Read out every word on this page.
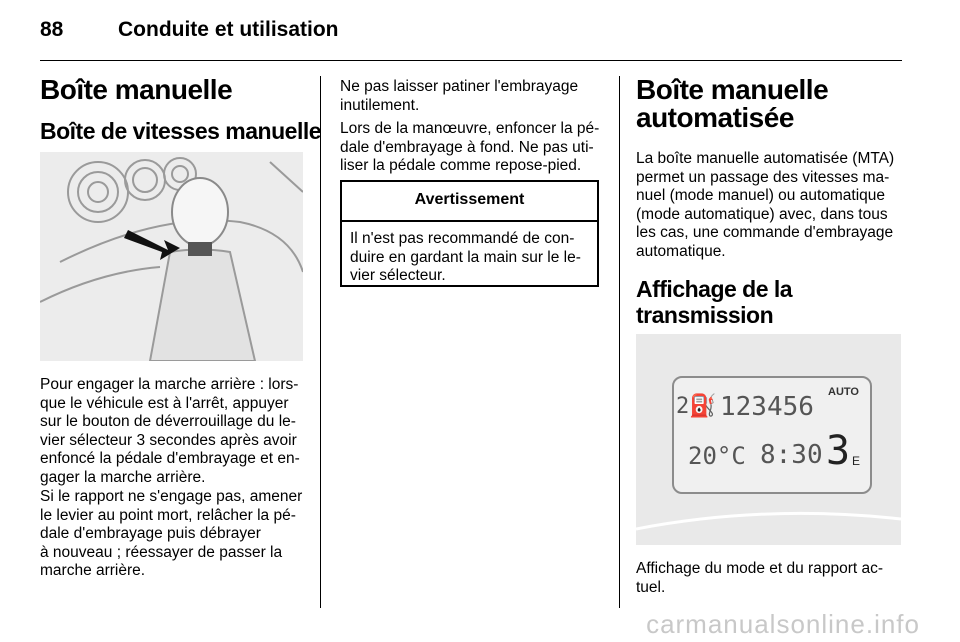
88	Conduite et utilisation
Boîte manuelle
Boîte de vitesses manuelle
Pour engager la marche arrière : lors-
que le véhicule est à l'arrêt, appuyer
sur le bouton de déverrouillage du le-
vier sélecteur 3 secondes après avoir
enfoncé la pédale d'embrayage et en-
gager la marche arrière.
Si le rapport ne s'engage pas, amener
le levier au point mort, relâcher la pé-
dale d'embrayage puis débrayer
à nouveau ; réessayer de passer la
marche arrière.
Ne pas laisser patiner l'embrayage
inutilement.
Lors de la manœuvre, enfoncer la pé-
dale d'embrayage à fond. Ne pas uti-
liser la pédale comme repose-pied.
Avertissement
Il n'est pas recommandé de con-
duire en gardant la main sur le le-
vier sélecteur.
Boîte manuelle
automatisée
La boîte manuelle automatisée (MTA)
permet un passage des vitesses ma-
nuel (mode manuel) ou automatique
(mode automatique) avec, dans tous
les cas, une commande d'embrayage
automatique.
Affichage de la
transmission
2⛽ 123456 AUTO
20°C 8:30 3 E
Affichage du mode et du rapport ac-
tuel.
carmanualsonline.info
